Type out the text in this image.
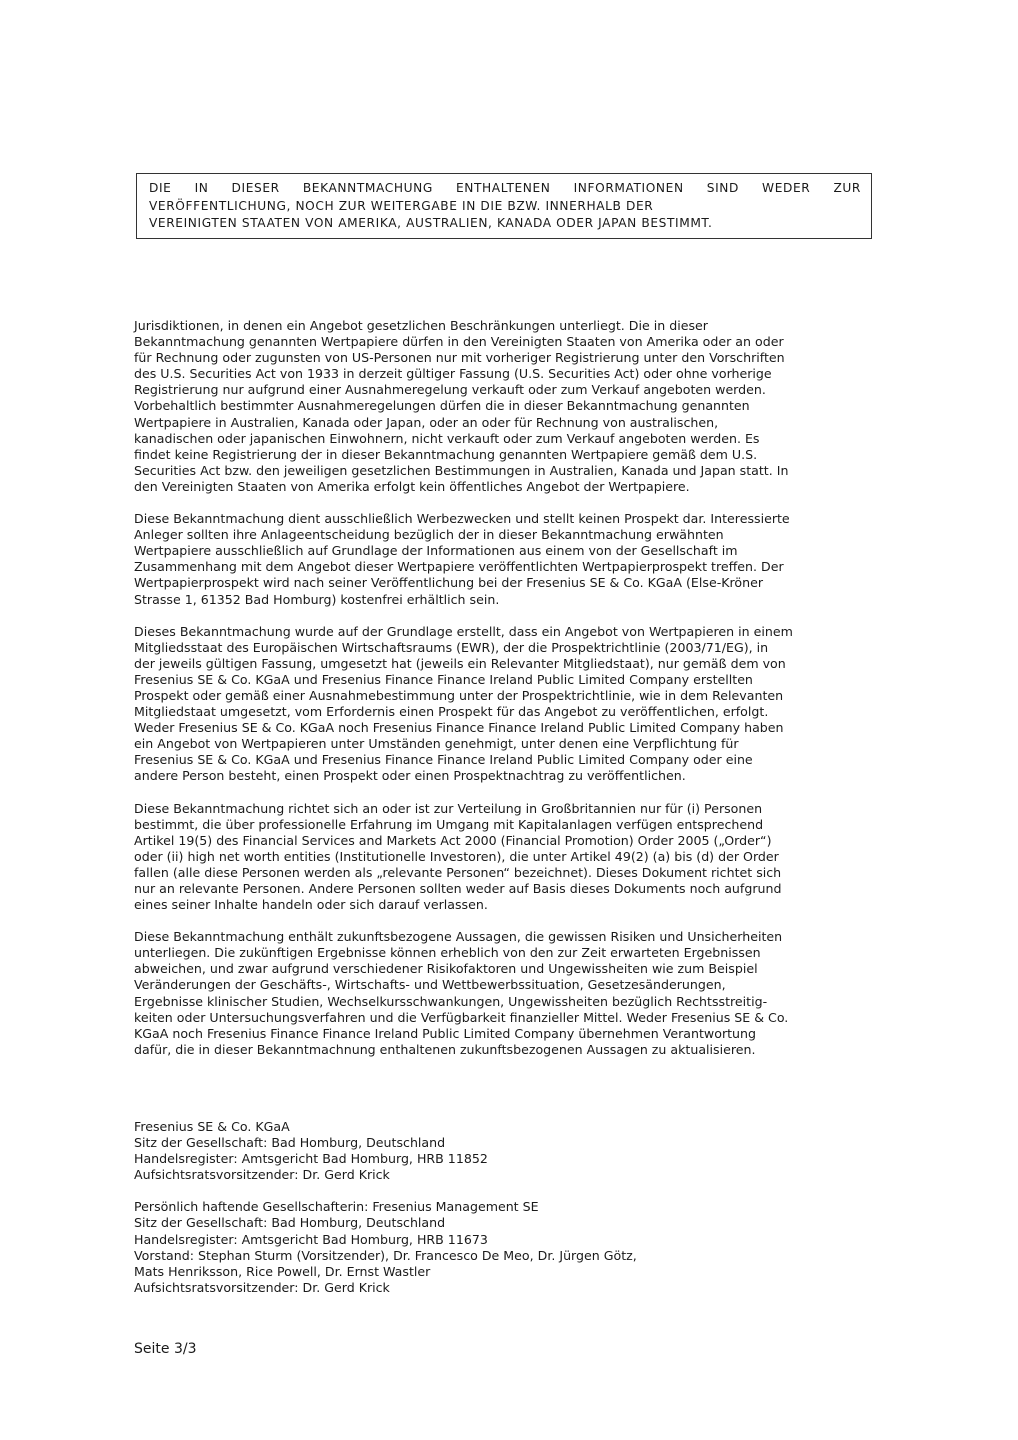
DIE IN DIESER BEKANNTMACHUNG ENTHALTENEN INFORMATIONEN SIND WEDER ZUR
VERÖFFENTLICHUNG, NOCH ZUR WEITERGABE IN DIE BZW. INNERHALB DER
VEREINIGTEN STAATEN VON AMERIKA, AUSTRALIEN, KANADA ODER JAPAN BESTIMMT.
Jurisdiktionen, in denen ein Angebot gesetzlichen Beschränkungen unterliegt. Die in dieser
Bekanntmachung genannten Wertpapiere dürfen in den Vereinigten Staaten von Amerika oder an oder
für Rechnung oder zugunsten von US-Personen nur mit vorheriger Registrierung unter den Vorschriften
des U.S. Securities Act von 1933 in derzeit gültiger Fassung (U.S. Securities Act) oder ohne vorherige
Registrierung nur aufgrund einer Ausnahmeregelung verkauft oder zum Verkauf angeboten werden.
Vorbehaltlich bestimmter Ausnahmeregelungen dürfen die in dieser Bekanntmachung genannten
Wertpapiere in Australien, Kanada oder Japan, oder an oder für Rechnung von australischen,
kanadischen oder japanischen Einwohnern, nicht verkauft oder zum Verkauf angeboten werden. Es
findet keine Registrierung der in dieser Bekanntmachung genannten Wertpapiere gemäß dem U.S.
Securities Act bzw. den jeweiligen gesetzlichen Bestimmungen in Australien, Kanada und Japan statt. In
den Vereinigten Staaten von Amerika erfolgt kein öffentliches Angebot der Wertpapiere.
Diese Bekanntmachung dient ausschließlich Werbezwecken und stellt keinen Prospekt dar. Interessierte
Anleger sollten ihre Anlageentscheidung bezüglich der in dieser Bekanntmachung erwähnten
Wertpapiere ausschließlich auf Grundlage der Informationen aus einem von der Gesellschaft im
Zusammenhang mit dem Angebot dieser Wertpapiere veröffentlichten Wertpapierprospekt treffen. Der
Wertpapierprospekt wird nach seiner Veröffentlichung bei der Fresenius SE & Co. KGaA (Else-Kröner
Strasse 1, 61352 Bad Homburg) kostenfrei erhältlich sein.
Dieses Bekanntmachung wurde auf der Grundlage erstellt, dass ein Angebot von Wertpapieren in einem
Mitgliedsstaat des Europäischen Wirtschaftsraums (EWR), der die Prospektrichtlinie (2003/71/EG), in
der jeweils gültigen Fassung, umgesetzt hat (jeweils ein Relevanter Mitgliedstaat), nur gemäß dem von
Fresenius SE & Co. KGaA und Fresenius Finance Finance Ireland Public Limited Company erstellten
Prospekt oder gemäß einer Ausnahmebestimmung unter der Prospektrichtlinie, wie in dem Relevanten
Mitgliedstaat umgesetzt, vom Erfordernis einen Prospekt für das Angebot zu veröffentlichen, erfolgt.
Weder Fresenius SE & Co. KGaA noch Fresenius Finance Finance Ireland Public Limited Company haben
ein Angebot von Wertpapieren unter Umständen genehmigt, unter denen eine Verpflichtung für
Fresenius SE & Co. KGaA und Fresenius Finance Finance Ireland Public Limited Company oder eine
andere Person besteht, einen Prospekt oder einen Prospektnachtrag zu veröffentlichen.
Diese Bekanntmachung richtet sich an oder ist zur Verteilung in Großbritannien nur für (i) Personen
bestimmt, die über professionelle Erfahrung im Umgang mit Kapitalanlagen verfügen entsprechend
Artikel 19(5) des Financial Services and Markets Act 2000 (Financial Promotion) Order 2005 („Order“)
oder (ii) high net worth entities (Institutionelle Investoren), die unter Artikel 49(2) (a) bis (d) der Order
fallen (alle diese Personen werden als „relevante Personen“ bezeichnet). Dieses Dokument richtet sich
nur an relevante Personen. Andere Personen sollten weder auf Basis dieses Dokuments noch aufgrund
eines seiner Inhalte handeln oder sich darauf verlassen.
Diese Bekanntmachung enthält zukunftsbezogene Aussagen, die gewissen Risiken und Unsicherheiten
unterliegen. Die zukünftigen Ergebnisse können erheblich von den zur Zeit erwarteten Ergebnissen
abweichen, und zwar aufgrund verschiedener Risikofaktoren und Ungewissheiten wie zum Beispiel
Veränderungen der Geschäfts-, Wirtschafts- und Wettbewerbssituation, Gesetzesänderungen,
Ergebnisse klinischer Studien, Wechselkursschwankungen, Ungewissheiten bezüglich Rechtsstreitig-
keiten oder Untersuchungsverfahren und die Verfügbarkeit finanzieller Mittel. Weder Fresenius SE & Co.
KGaA noch Fresenius Finance Finance Ireland Public Limited Company übernehmen Verantwortung
dafür, die in dieser Bekanntmachnung enthaltenen zukunftsbezogenen Aussagen zu aktualisieren.
Fresenius SE & Co. KGaA
Sitz der Gesellschaft: Bad Homburg, Deutschland
Handelsregister: Amtsgericht Bad Homburg, HRB 11852
Aufsichtsratsvorsitzender: Dr. Gerd Krick
Persönlich haftende Gesellschafterin: Fresenius Management SE
Sitz der Gesellschaft: Bad Homburg, Deutschland
Handelsregister: Amtsgericht Bad Homburg, HRB 11673
Vorstand: Stephan Sturm (Vorsitzender), Dr. Francesco De Meo, Dr. Jürgen Götz,
Mats Henriksson, Rice Powell, Dr. Ernst Wastler
Aufsichtsratsvorsitzender: Dr. Gerd Krick
Seite 3/3
